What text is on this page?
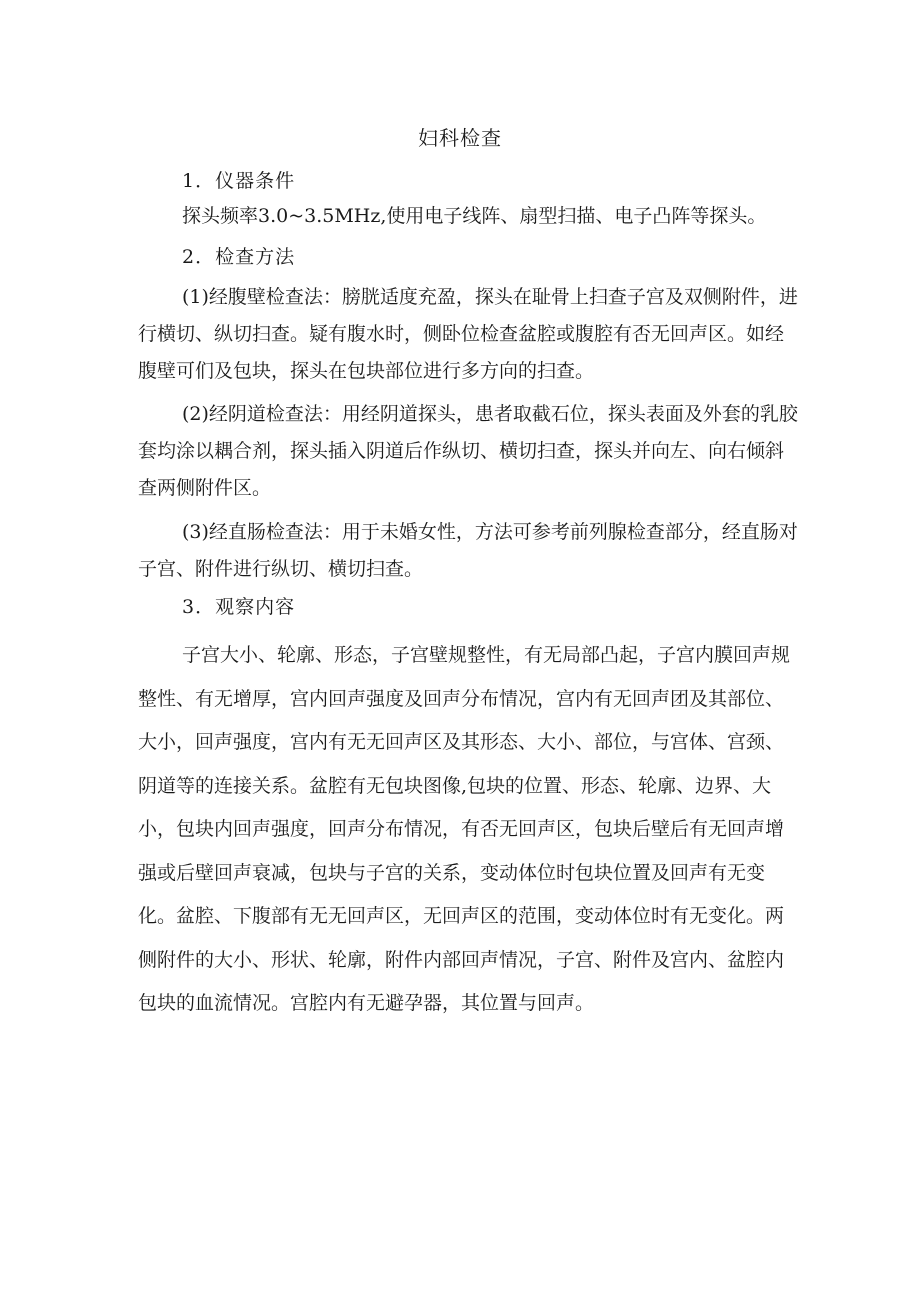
妇科检查

1．仪器条件

探头频率3.0~3.5MHz,使用电子线阵、扇型扫描、电子凸阵等探头。

2．检查方法

(1)经腹壁检查法：膀胱适度充盈，探头在耻骨上扫查子宫及双侧附件，进行横切、纵切扫查。疑有腹水时，侧卧位检查盆腔或腹腔有否无回声区。如经腹壁可们及包块，探头在包块部位进行多方向的扫查。

(2)经阴道检查法：用经阴道探头，患者取截石位，探头表面及外套的乳胶套均涂以耦合剂，探头插入阴道后作纵切、横切扫查，探头并向左、向右倾斜查两侧附件区。

(3)经直肠检查法：用于未婚女性，方法可参考前列腺检查部分，经直肠对子宫、附件进行纵切、横切扫查。

3．观察内容

子宫大小、轮廓、形态，子宫壁规整性，有无局部凸起，子宫内膜回声规整性、有无增厚，宫内回声强度及回声分布情况，宫内有无回声团及其部位、大小，回声强度，宫内有无无回声区及其形态、大小、部位，与宫体、宫颈、阴道等的连接关系。盆腔有无包块图像,包块的位置、形态、轮廓、边界、大小，包块内回声强度，回声分布情况，有否无回声区，包块后壁后有无回声增强或后壁回声衰减，包块与子宫的关系，变动体位时包块位置及回声有无变化。盆腔、下腹部有无无回声区，无回声区的范围，变动体位时有无变化。两侧附件的大小、形状、轮廓，附件内部回声情况，子宫、附件及宫内、盆腔内包块的血流情况。宫腔内有无避孕器，其位置与回声。
